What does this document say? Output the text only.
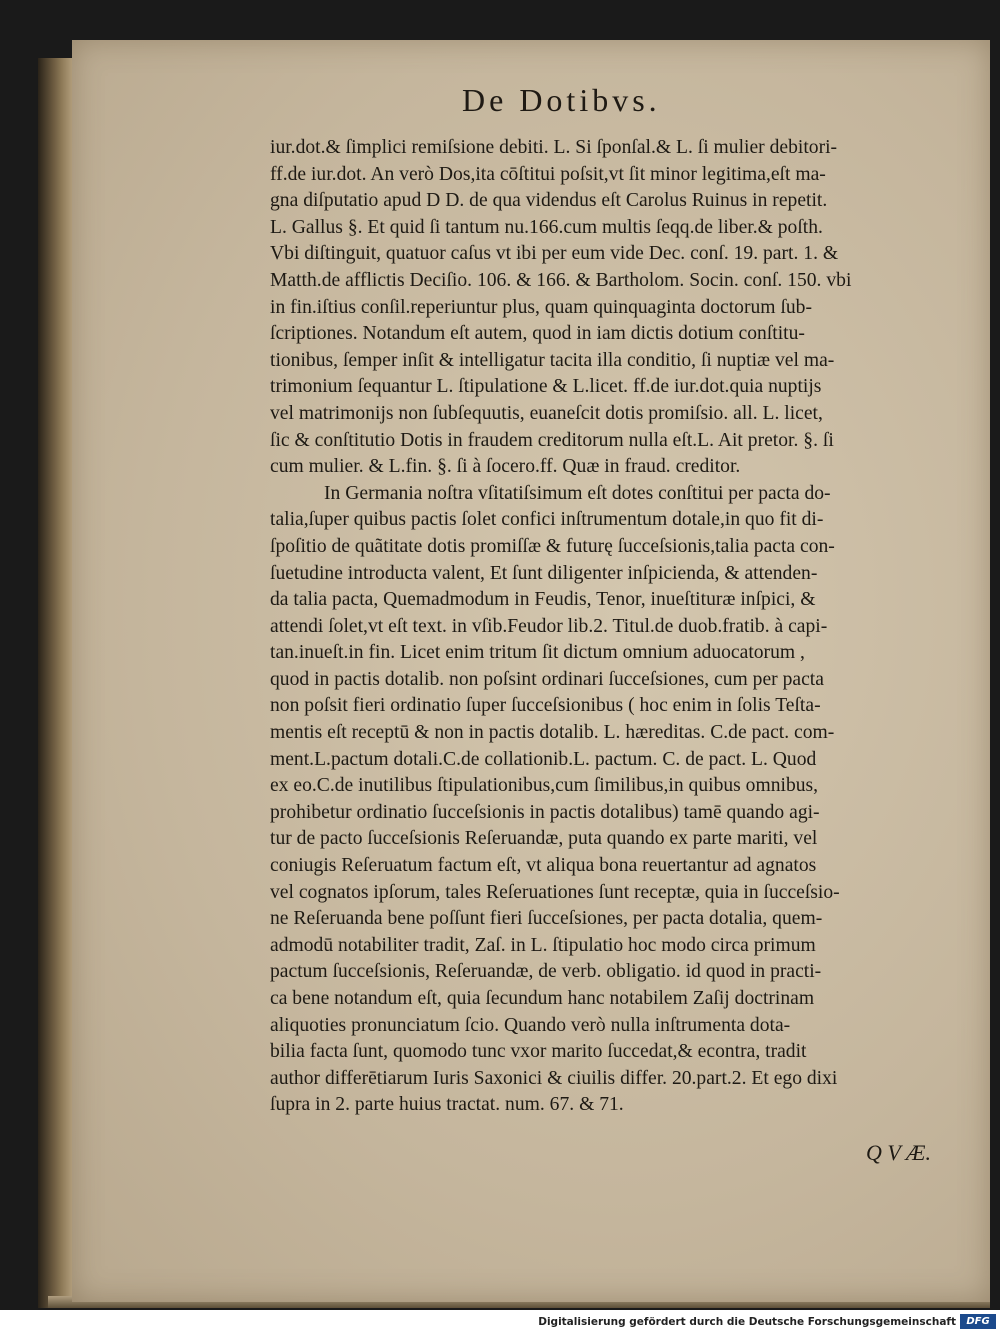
De Dotibvs.
iur.dot.& ſimplici remiſsione debiti. L. Si ſponſal.& L. ſi mulier debitori-
ff.de iur.dot. An verò Dos,ita cōſtitui poſsit,vt ſit minor legitima,eſt ma-
gna diſputatio apud D D. de qua videndus eſt Carolus Ruinus in repetit.
L. Gallus §. Et quid ſi tantum nu.166.cum multis ſeqq.de liber.& poſth.
Vbi diſtinguit, quatuor caſus vt ibi per eum vide Dec. conſ. 19. part. 1. &
Matth.de afflictis Deciſio. 106. & 166. & Bartholom. Socin. conſ. 150. vbi
in fin.iſtius conſil.reperiuntur plus, quam quinquaginta doctorum ſub-
ſcriptiones. Notandum eſt autem, quod in iam dictis dotium conſtitu-
tionibus, ſemper inſit & intelligatur tacita illa conditio, ſi nuptiæ vel ma-
trimonium ſequantur L. ſtipulatione & L.licet. ff.de iur.dot.quia nuptijs
vel matrimonijs non ſubſequutis, euaneſcit dotis promiſsio. all. L. licet,
ſic & conſtitutio Dotis in fraudem creditorum nulla eſt.L. Ait pretor. §. ſi
cum mulier. & L.fin. §. ſi à ſocero.ff. Quæ in fraud. creditor.
In Germania noſtra vſitatiſsimum eſt dotes conſtitui per pacta do-
talia,ſuper quibus pactis ſolet confici inſtrumentum dotale,in quo fit di-
ſpoſitio de quãtitate dotis promiſſæ & futurę ſucceſsionis,talia pacta con-
ſuetudine introducta valent, Et ſunt diligenter inſpicienda, & attenden-
da talia pacta, Quemadmodum in Feudis, Tenor, inueſtituræ inſpici, &
attendi ſolet,vt eſt text. in vſib.Feudor lib.2. Titul.de duob.fratib. à capi-
tan.inueſt.in fin. Licet enim tritum ſit dictum omnium aduocatorum ,
quod in pactis dotalib. non poſsint ordinari ſucceſsiones, cum per pacta
non poſsit fieri ordinatio ſuper ſucceſsionibus ( hoc enim in ſolis Teſta-
mentis eſt receptū & non in pactis dotalib. L. hæreditas. C.de pact. com-
ment.L.pactum dotali.C.de collationib.L. pactum. C. de pact. L. Quod
ex eo.C.de inutilibus ſtipulationibus,cum ſimilibus,in quibus omnibus,
prohibetur ordinatio ſucceſsionis in pactis dotalibus) tamē quando agi-
tur de pacto ſucceſsionis Reſeruandæ, puta quando ex parte mariti, vel
coniugis Reſeruatum factum eſt, vt aliqua bona reuertantur ad agnatos
vel cognatos ipſorum, tales Reſeruationes ſunt receptæ, quia in ſucceſsio-
ne Reſeruanda bene poſſunt fieri ſucceſsiones, per pacta dotalia, quem-
admodū notabiliter tradit, Zaſ. in L. ſtipulatio hoc modo circa primum
pactum ſucceſsionis, Reſeruandæ, de verb. obligatio. id quod in practi-
ca bene notandum eſt, quia ſecundum hanc notabilem Zaſij doctrinam
aliquoties pronunciatum ſcio. Quando verò nulla inſtrumenta dota-
bilia facta ſunt, quomodo tunc vxor marito ſuccedat,& econtra, tradit
author differētiarum Iuris Saxonici & ciuilis differ. 20.part.2. Et ego dixi
ſupra in 2. parte huius tractat. num. 67. & 71.
Q V Æ.
Digitalisierung gefördert durch die Deutsche Forschungsgemeinschaft	DFG
